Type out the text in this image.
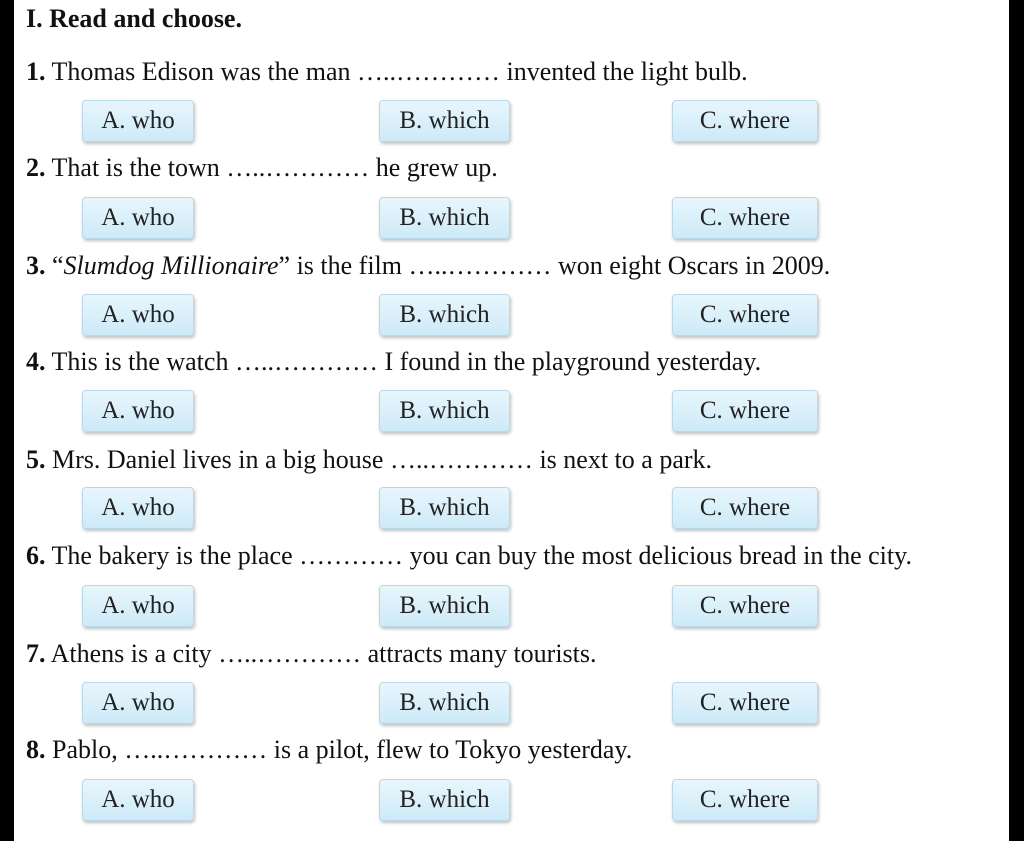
I. Read and choose.
1. Thomas Edison was the man …..………… invented the light bulb.
A. who	B. which	C. where
2. That is the town …..………… he grew up.
A. who	B. which	C. where
3. “Slumdog Millionaire” is the film …..………… won eight Oscars in 2009.
A. who	B. which	C. where
4. This is the watch …..………… I found in the playground yesterday.
A. who	B. which	C. where
5. Mrs. Daniel lives in a big house …..………… is next to a park.
A. who	B. which	C. where
6. The bakery is the place ………… you can buy the most delicious bread in the city.
A. who	B. which	C. where
7. Athens is a city …..………… attracts many tourists.
A. who	B. which	C. where
8. Pablo, …..………… is a pilot, flew to Tokyo yesterday.
A. who	B. which	C. where
